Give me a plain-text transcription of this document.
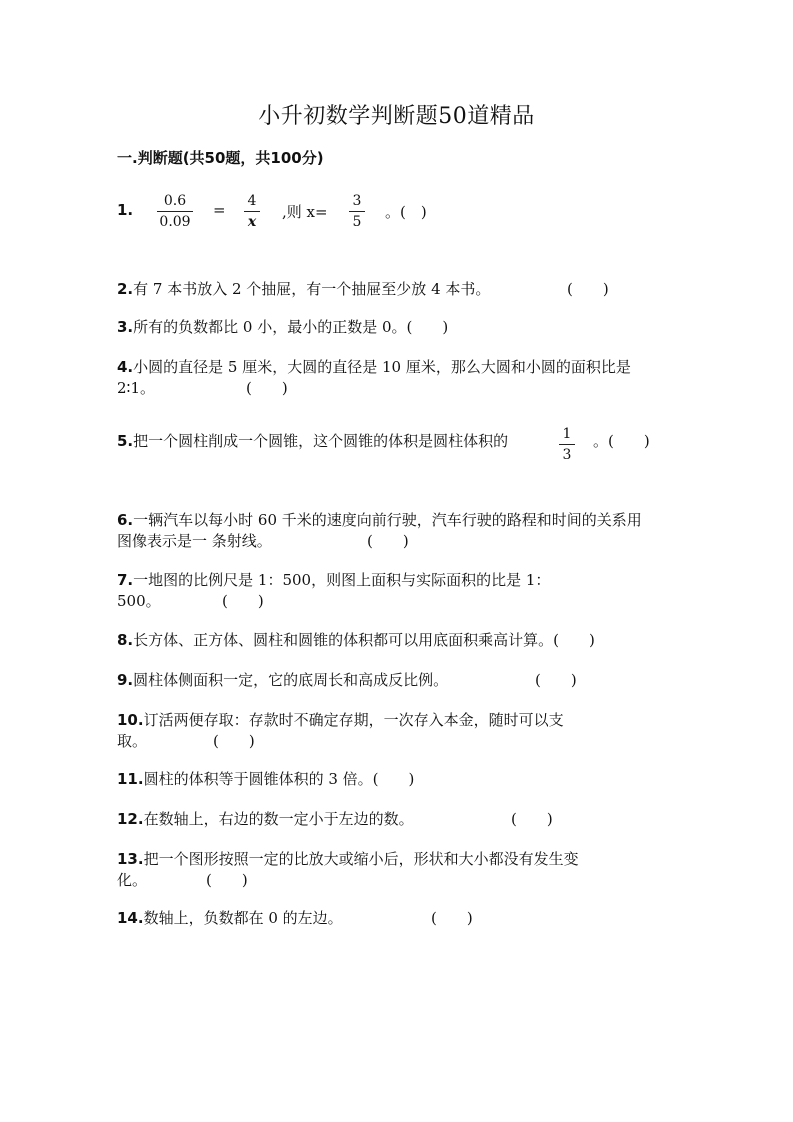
小升初数学判断题50道精品
一.判断题(共50题，共100分)
1.	0.6
0.09
= 4
x
,则 x=
3
5
。(　)
2.有 7 本书放入 2 个抽屉，有一个抽屉至少放 4 本书。	(　　)
3.所有的负数都比 0 小，最小的正数是 0。(　　)
4.小圆的直径是 5 厘米，大圆的直径是 10 厘米，那么大圆和小圆的面积比是
2∶1。	(　　)
5.把一个圆柱削成一个圆锥，这个圆锥的体积是圆柱体积的	1
3
。(　　)
6.一辆汽车以每小时 60 千米的速度向前行驶，汽车行驶的路程和时间的关系用
图像表示是一 条射线。	(　　)
7.一地图的比例尺是 1：500，则图上面积与实际面积的比是 1：
500。	(　　)
8.长方体、正方体、圆柱和圆锥的体积都可以用底面积乘高计算。(　　)
9.圆柱体侧面积一定，它的底周长和高成反比例。	(　　)
10.订活两便存取：存款时不确定存期，一次存入本金，随时可以支
取。	(　　)
11.圆柱的体积等于圆锥体积的 3 倍。(　　)
12.在数轴上，右边的数一定小于左边的数。	(　　)
13.把一个图形按照一定的比放大或缩小后，形状和大小都没有发生变
化。	(　　)
14.数轴上，负数都在 0 的左边。	(　　)
